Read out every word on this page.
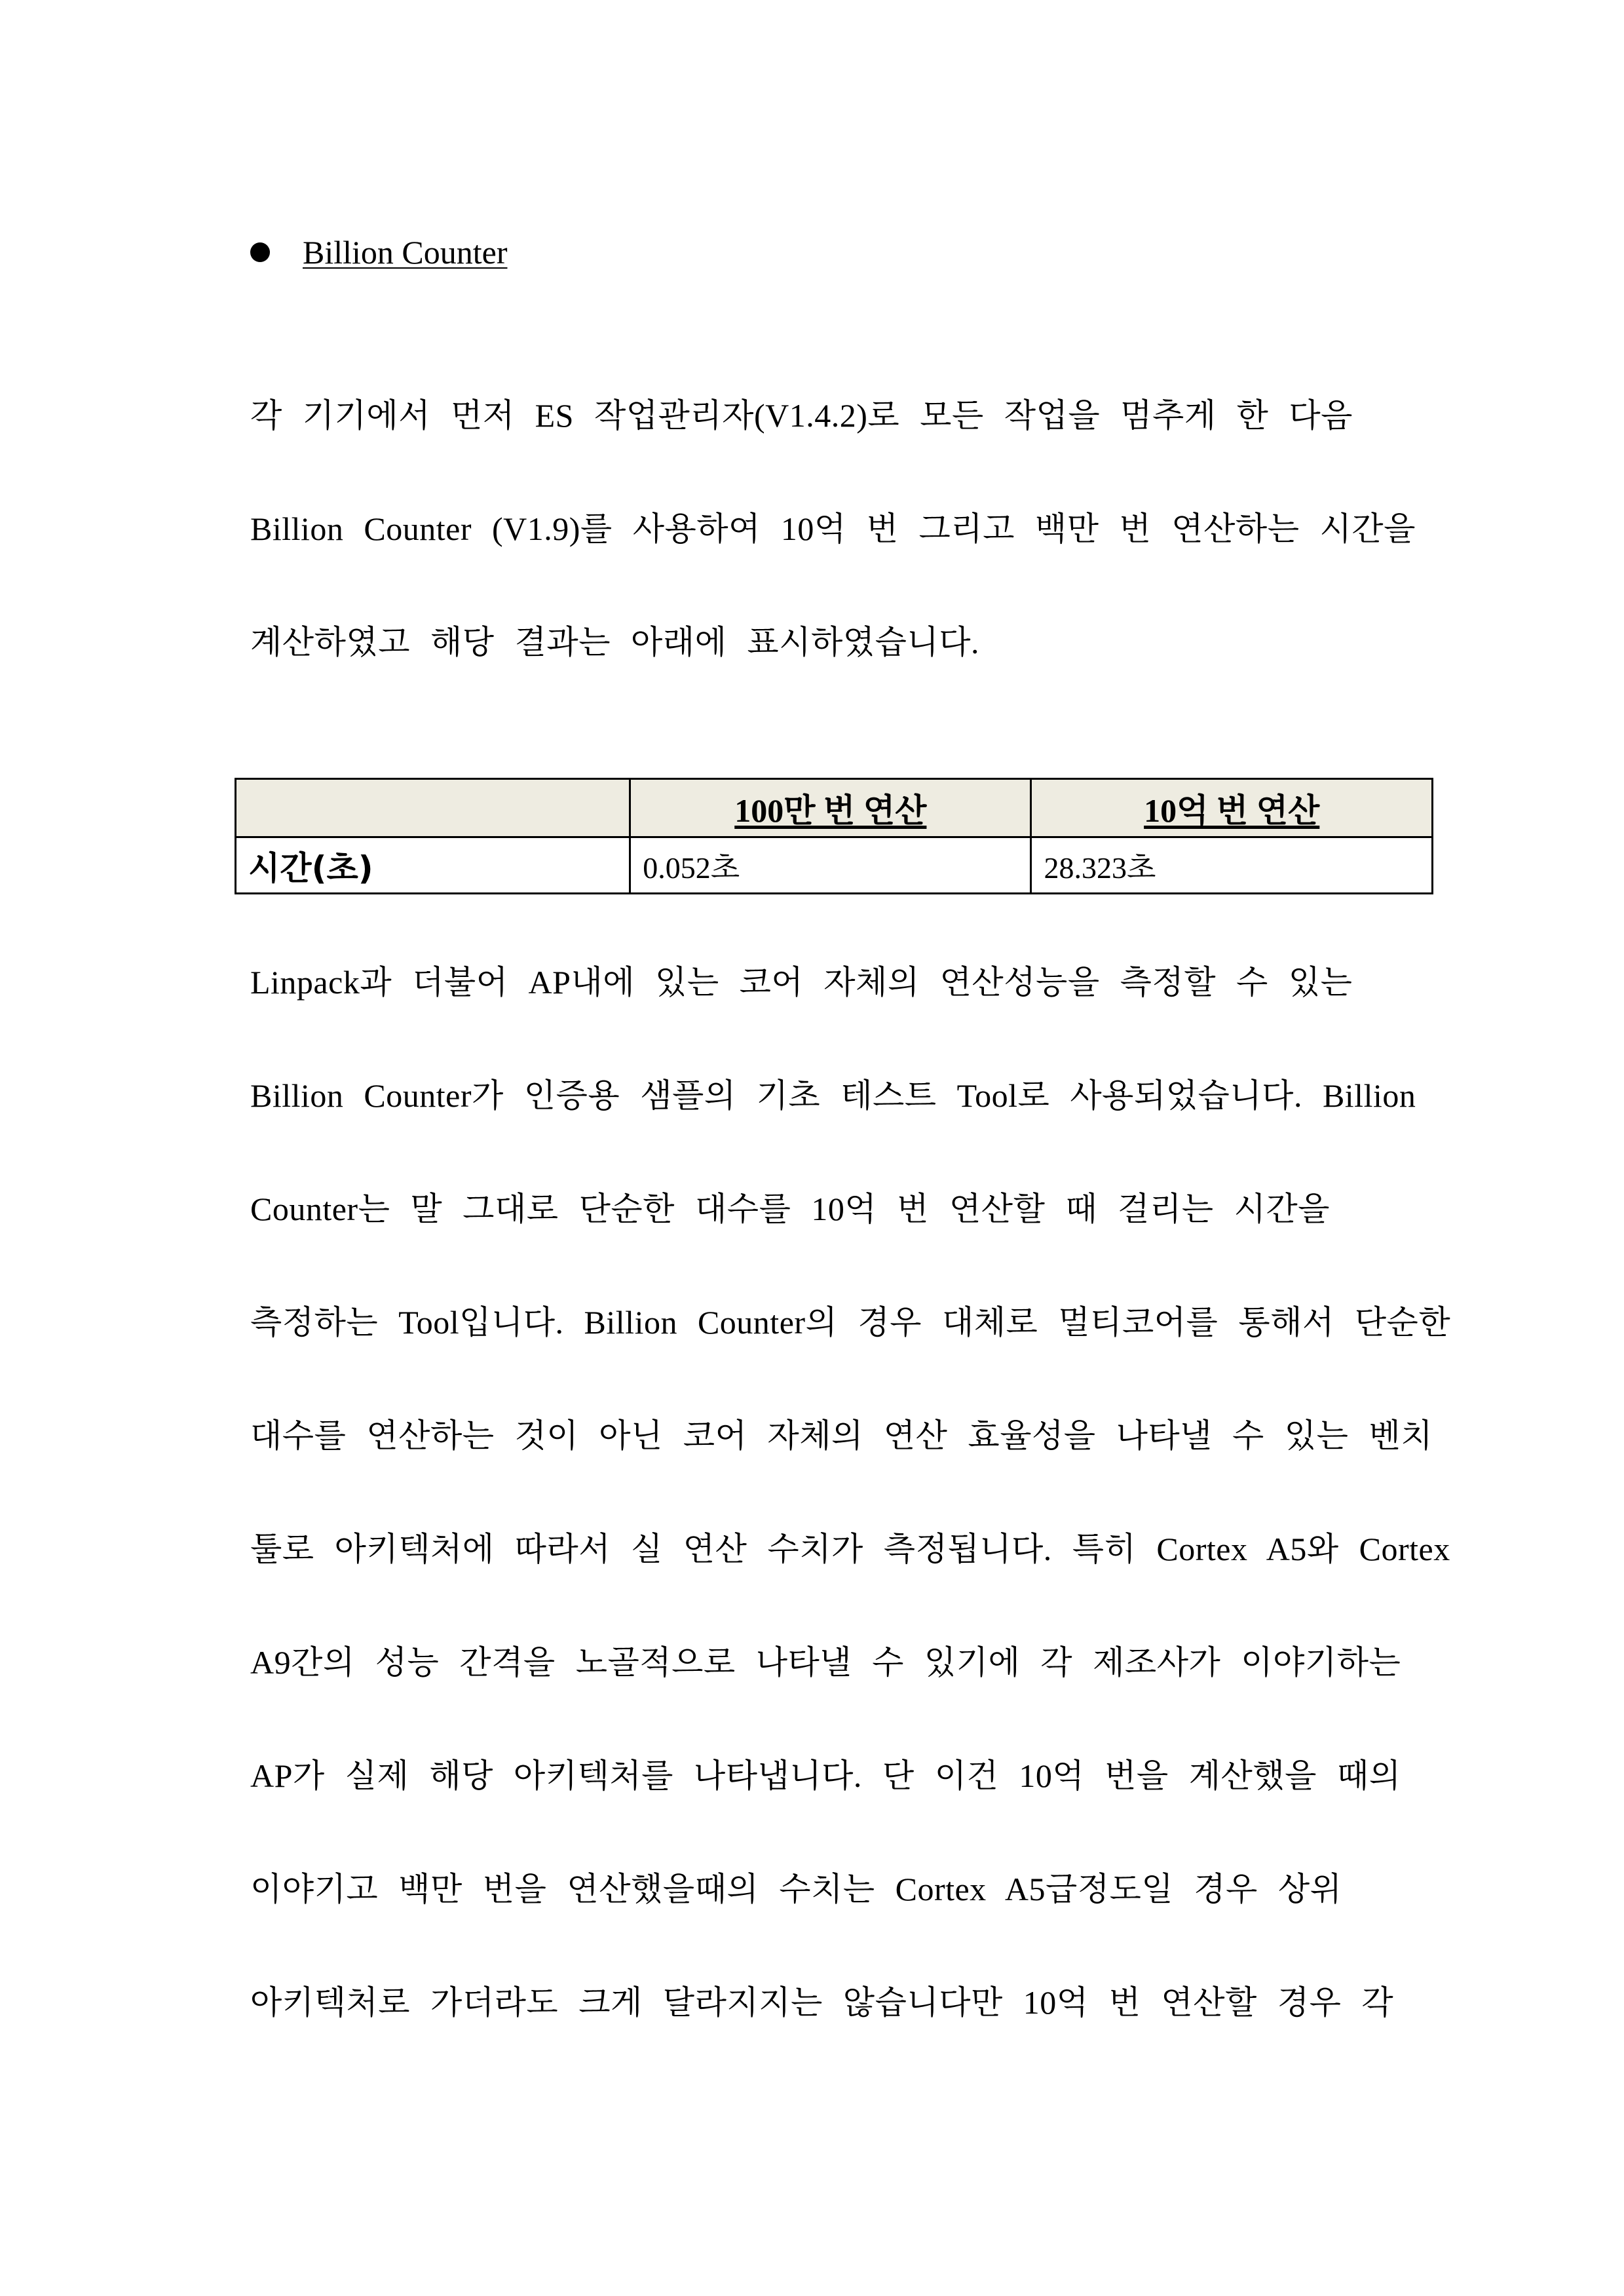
Billion Counter
각 기기에서 먼저 ES 작업관리자(V1.4.2)로 모든 작업을 멈추게 한 다음
Billion Counter (V1.9)를 사용하여 10억 번 그리고 백만 번 연산하는 시간을
계산하였고 해당 결과는 아래에 표시하였습니다.
	100만 번 연산	10억 번 연산
시간(초)	0.052초	28.323초
Linpack과 더불어 AP내에 있는 코어 자체의 연산성능을 측정할 수 있는
Billion Counter가 인증용 샘플의 기초 테스트 Tool로 사용되었습니다. Billion
Counter는 말 그대로 단순한 대수를 10억 번 연산할 때 걸리는 시간을
측정하는 Tool입니다. Billion Counter의 경우 대체로 멀티코어를 통해서 단순한
대수를 연산하는 것이 아닌 코어 자체의 연산 효율성을 나타낼 수 있는 벤치
툴로 아키텍처에 따라서 실 연산 수치가 측정됩니다. 특히 Cortex A5와 Cortex
A9간의 성능 간격을 노골적으로 나타낼 수 있기에 각 제조사가 이야기하는
AP가 실제 해당 아키텍처를 나타냅니다. 단 이건 10억 번을 계산했을 때의
이야기고 백만 번을 연산했을때의 수치는 Cortex A5급정도일 경우 상위
아키텍처로 가더라도 크게 달라지지는 않습니다만 10억 번 연산할 경우 각
